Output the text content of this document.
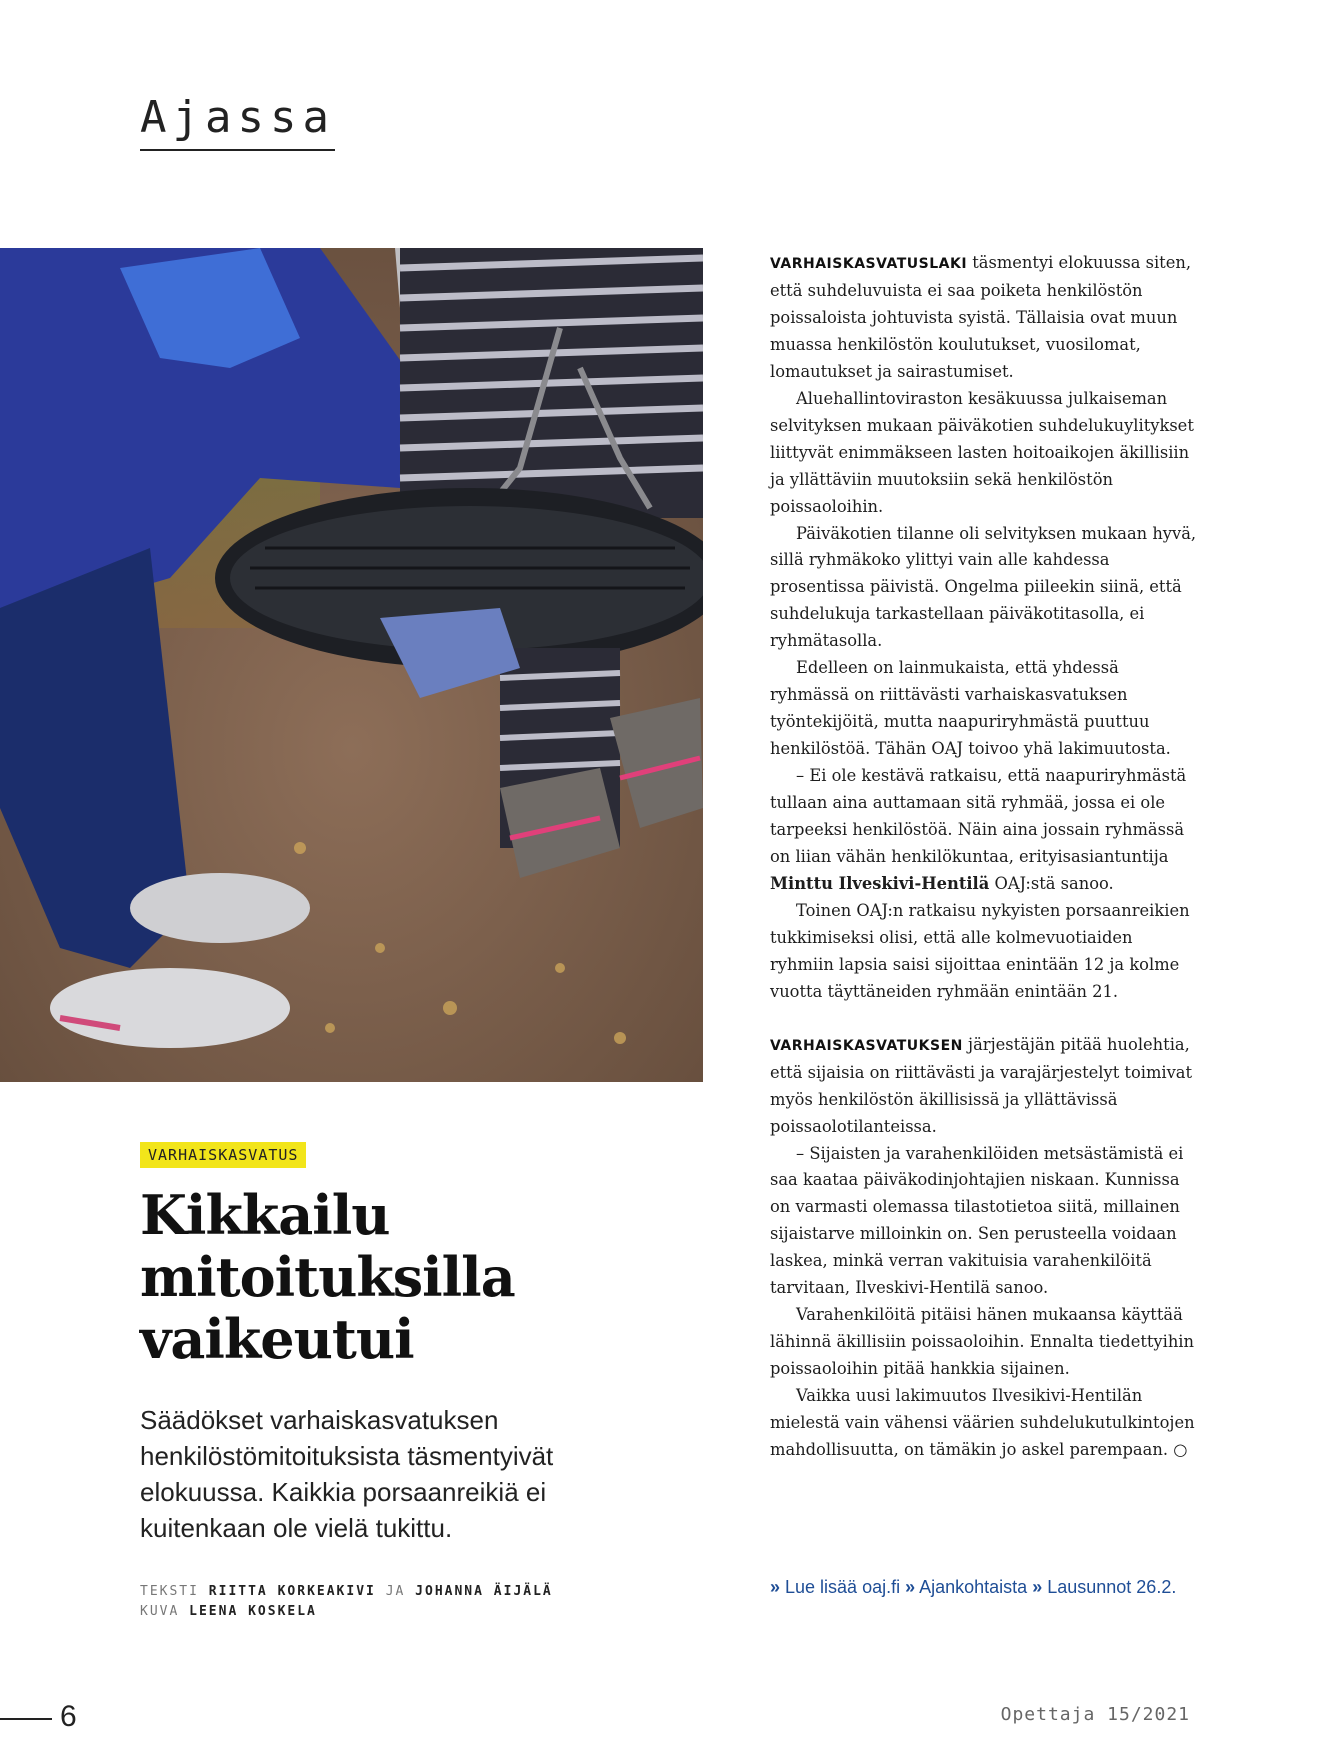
Ajassa
VARHAISKASVATUS
Kikkailu
mitoituksilla
vaikeutui

Säädökset varhaiskasvatuksen henkilöstömitoituksista täsmentyivät elokuussa. Kaikkia porsaanreikiä ei kuitenkaan ole vielä tukittu.

TEKSTI RIITTA KORKEAKIVI JA JOHANNA ÄIJÄLÄ
KUVA LEENA KOSKELA

VARHAISKASVATUSLAKI täsmentyi elokuussa siten, että suhdeluvuista ei saa poiketa henkilöstön poissaloista johtuvista syistä. Tällaisia ovat muun muassa henkilöstön koulutukset, vuosilomat, lomautukset ja sairastumiset.

Aluehallintoviraston kesäkuussa julkaiseman selvityksen mukaan päiväkotien suhdelukuylitykset liittyvät enimmäkseen lasten hoitoaikojen äkillisiin ja yllättäviin muutoksiin sekä henkilöstön poissaoloihin.

Päiväkotien tilanne oli selvityksen mukaan hyvä, sillä ryhmäkoko ylittyi vain alle kahdessa prosentissa päivistä. Ongelma piileekin siinä, että suhdelukuja tarkastellaan päiväkotitasolla, ei ryhmätasolla.

Edelleen on lainmukaista, että yhdessä ryhmässä on riittävästi varhaiskasvatuksen työntekijöitä, mutta naapuriryhmästä puuttuu henkilöstöä. Tähän OAJ toivoo yhä lakimuutosta.

– Ei ole kestävä ratkaisu, että naapuriryhmästä tullaan aina auttamaan sitä ryhmää, jossa ei ole tarpeeksi henkilöstöä. Näin aina jossain ryhmässä on liian vähän henkilökuntaa, erityisasiantuntija Minttu Ilveskivi-Hentilä OAJ:stä sanoo.

Toinen OAJ:n ratkaisu nykyisten porsaanreikien tukkimiseksi olisi, että alle kolmevuotiaiden ryhmiin lapsia saisi sijoittaa enintään 12 ja kolme vuotta täyttäneiden ryhmään enintään 21.

VARHAISKASVATUKSEN järjestäjän pitää huolehtia, että sijaisia on riittävästi ja varajärjestelyt toimivat myös henkilöstön äkillisissä ja yllättävissä poissaolotilanteissa.

– Sijaisten ja varahenkilöiden metsästämistä ei saa kaataa päiväkodinjohtajien niskaan. Kunnissa on varmasti olemassa tilastotietoa siitä, millainen sijaistarve milloinkin on. Sen perusteella voidaan laskea, minkä verran vakituisia varahenkilöitä tarvitaan, Ilveskivi-Hentilä sanoo.

Varahenkilöitä pitäisi hänen mukaansa käyttää lähinnä äkillisiin poissaoloihin. Ennalta tiedettyihin poissaoloihin pitää hankkia sijainen.

Vaikka uusi lakimuutos Ilvesikivi-Hentilän mielestä vain vähensi väärien suhdelukutulkintojen mahdollisuutta, on tämäkin jo askel parempaan. ○

» Lue lisää oaj.fi » Ajankohtaista » Lausunnot 26.2.
6	Opettaja 15/2021
